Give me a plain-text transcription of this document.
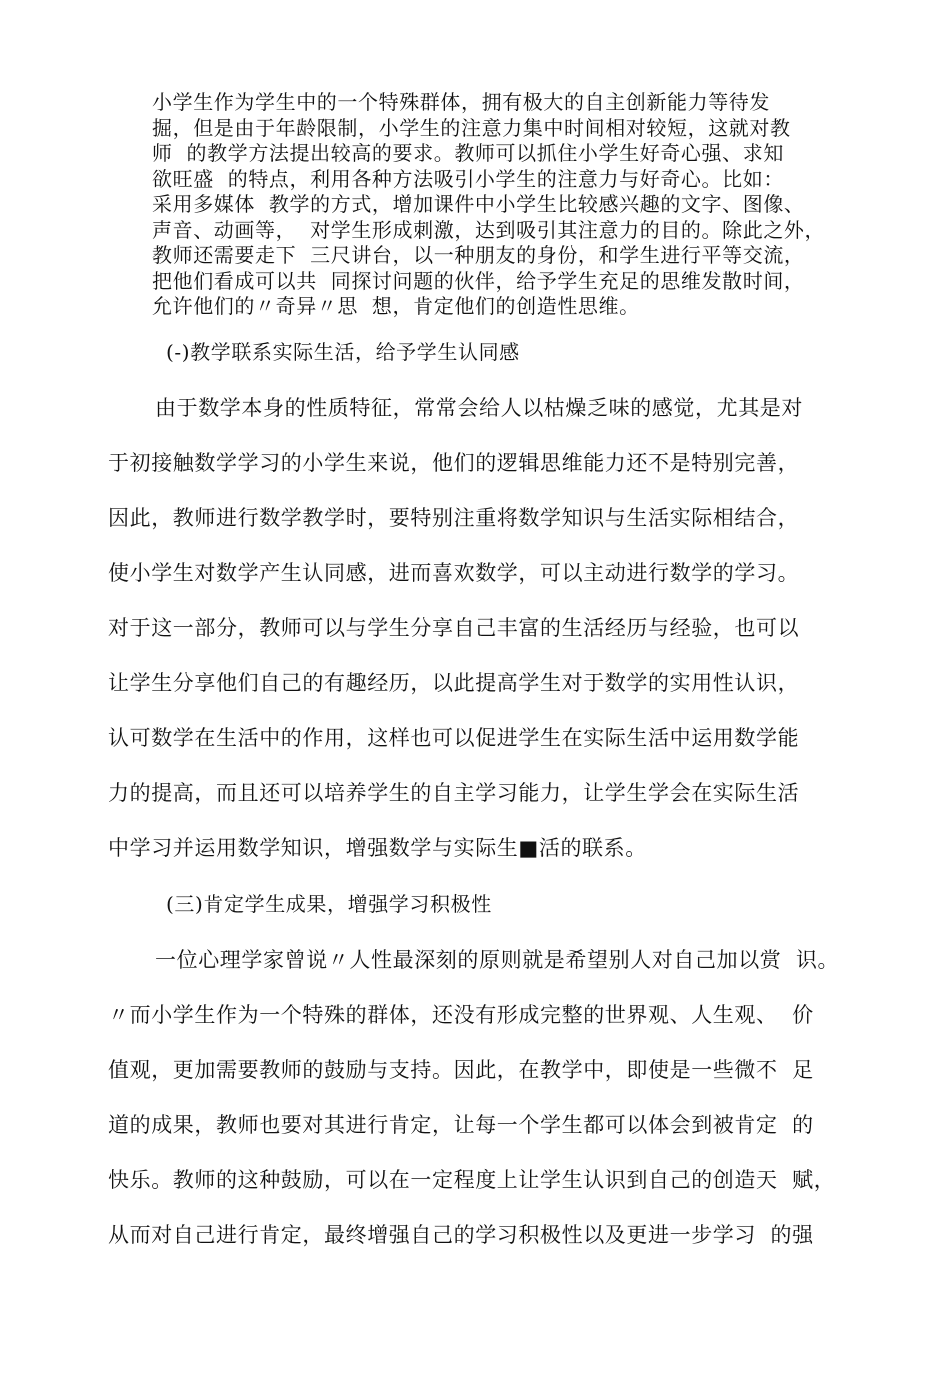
小学生作为学生中的一个特殊群体，拥有极大的自主创新能力等待发
掘，但是由于年龄限制，小学生的注意力集中时间相对较短，这就对教
师  的教学方法提出较高的要求。教师可以抓住小学生好奇心强、求知
欲旺盛  的特点，利用各种方法吸引小学生的注意力与好奇心。比如：
采用多媒体  教学的方式，增加课件中小学生比较感兴趣的文字、图像、
声音、动画等，  对学生形成刺激，达到吸引其注意力的目的。除此之外，
教师还需要走下  三尺讲台，以一种朋友的身份，和学生进行平等交流，
把他们看成可以共  同探讨问题的伙伴，给予学生充足的思维发散时间，
允许他们的〃奇异〃思  想，肯定他们的创造性思维。
(-)教学联系实际生活，给予学生认同感
由于数学本身的性质特征，常常会给人以枯燥乏味的感觉，尤其是对
于初接触数学学习的小学生来说，他们的逻辑思维能力还不是特别完善，
因此，教师进行数学教学时，要特别注重将数学知识与生活实际相结合，
使小学生对数学产生认同感，进而喜欢数学，可以主动进行数学的学习。
对于这一部分，教师可以与学生分享自己丰富的生活经历与经验，也可以
让学生分享他们自己的有趣经历，以此提高学生对于数学的实用性认识，
认可数学在生活中的作用，这样也可以促进学生在实际生活中运用数学能
力的提高，而且还可以培养学生的自主学习能力，让学生学会在实际生活
中学习并运用数学知识，增强数学与实际生■活的联系。
(三)肯定学生成果，增强学习积极性
一位心理学家曾说〃人性最深刻的原则就是希望别人对自己加以赏  识。
〃而小学生作为一个特殊的群体，还没有形成完整的世界观、人生观、  价
值观，更加需要教师的鼓励与支持。因此，在教学中，即使是一些微不  足
道的成果，教师也要对其进行肯定，让每一个学生都可以体会到被肯定  的
快乐。教师的这种鼓励，可以在一定程度上让学生认识到自己的创造天  赋，
从而对自己进行肯定，最终增强自己的学习积极性以及更进一步学习  的强
